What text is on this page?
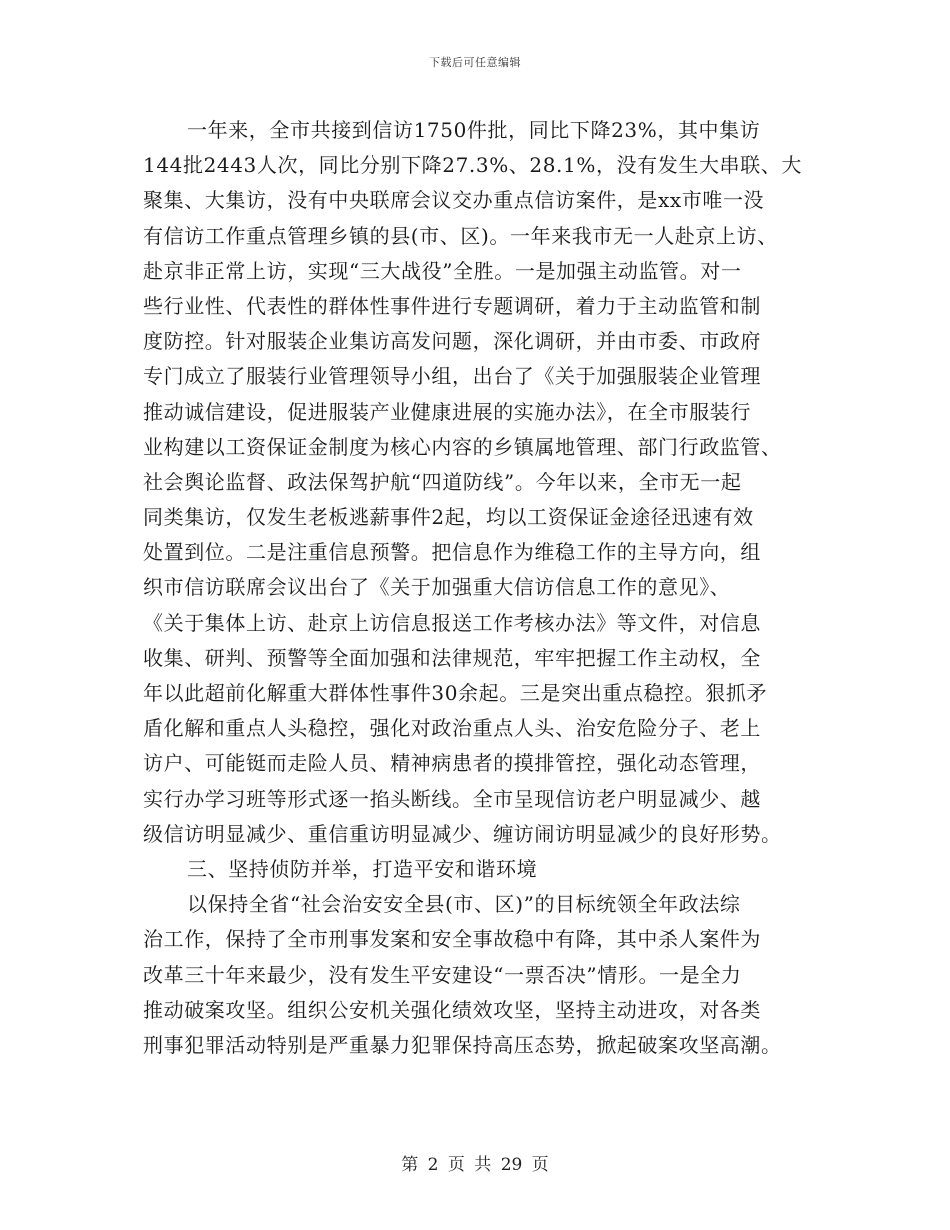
下载后可任意编辑
一年来，全市共接到信访1750件批，同比下降23%，其中集访
144批2443人次，同比分别下降27.3%、28.1%，没有发生大串联、大
聚集、大集访，没有中央联席会议交办重点信访案件，是xx市唯一没
有信访工作重点管理乡镇的县(市、区)。一年来我市无一人赴京上访、
赴京非正常上访，实现“三大战役”全胜。一是加强主动监管。对一
些行业性、代表性的群体性事件进行专题调研，着力于主动监管和制
度防控。针对服装企业集访高发问题，深化调研，并由市委、市政府
专门成立了服装行业管理领导小组，出台了《关于加强服装企业管理
推动诚信建设，促进服装产业健康进展的实施办法》，在全市服装行
业构建以工资保证金制度为核心内容的乡镇属地管理、部门行政监管、
社会舆论监督、政法保驾护航“四道防线”。今年以来，全市无一起
同类集访，仅发生老板逃薪事件2起，均以工资保证金途径迅速有效
处置到位。二是注重信息预警。把信息作为维稳工作的主导方向，组
织市信访联席会议出台了《关于加强重大信访信息工作的意见》、
《关于集体上访、赴京上访信息报送工作考核办法》等文件，对信息
收集、研判、预警等全面加强和法律规范，牢牢把握工作主动权，全
年以此超前化解重大群体性事件30余起。三是突出重点稳控。狠抓矛
盾化解和重点人头稳控，强化对政治重点人头、治安危险分子、老上
访户、可能铤而走险人员、精神病患者的摸排管控，强化动态管理，
实行办学习班等形式逐一掐头断线。全市呈现信访老户明显减少、越
级信访明显减少、重信重访明显减少、缠访闹访明显减少的良好形势。
三、坚持侦防并举，打造平安和谐环境
以保持全省“社会治安安全县(市、区)”的目标统领全年政法综
治工作，保持了全市刑事发案和安全事故稳中有降，其中杀人案件为
改革三十年来最少，没有发生平安建设“一票否决”情形。一是全力
推动破案攻坚。组织公安机关强化绩效攻坚，坚持主动进攻，对各类
刑事犯罪活动特别是严重暴力犯罪保持高压态势，掀起破案攻坚高潮。
第 2 页 共 29 页
